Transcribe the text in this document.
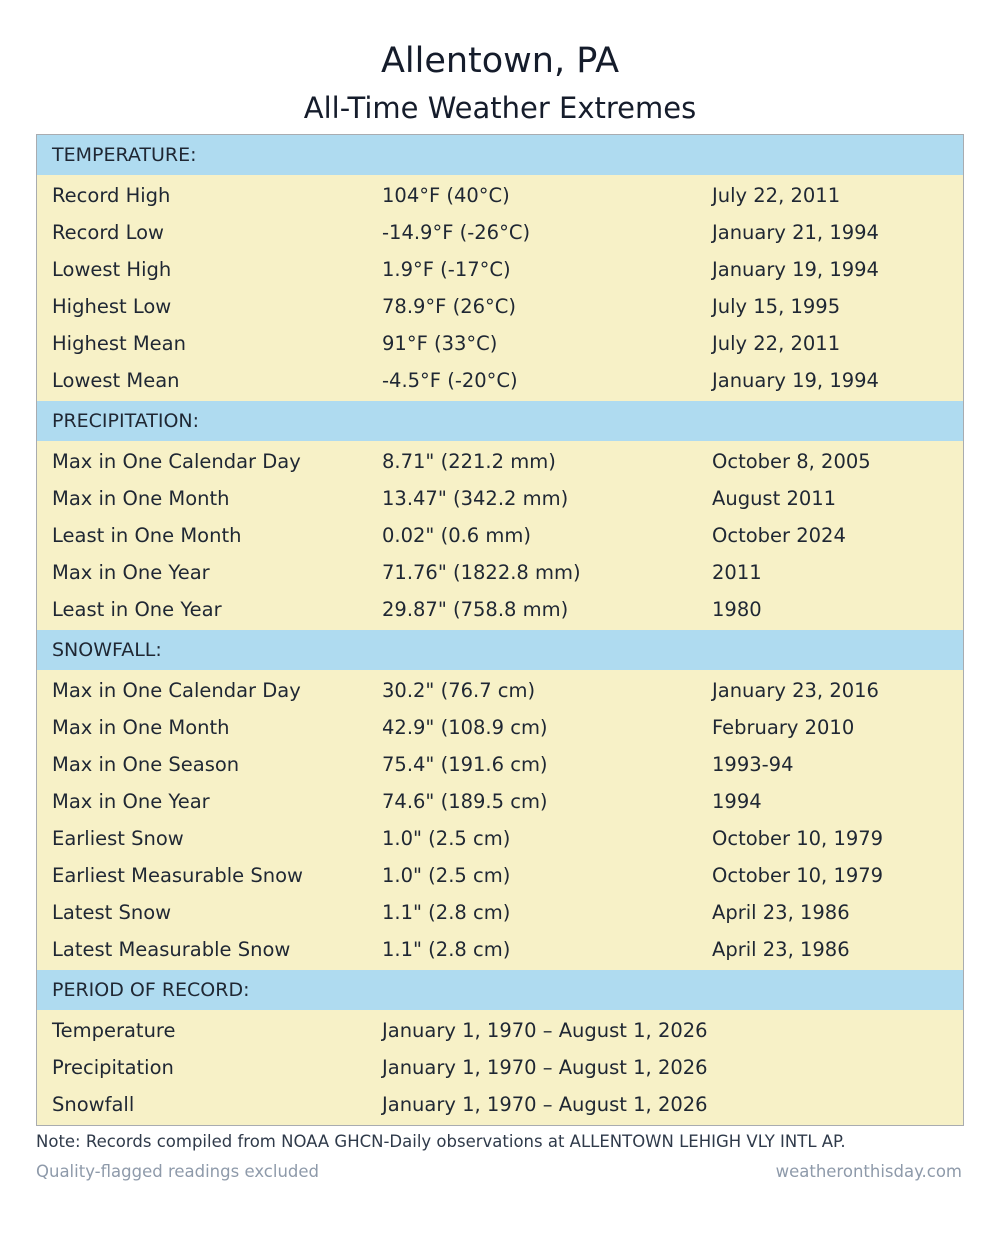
Allentown, PA
All-Time Weather Extremes
TEMPERATURE:
Record High	104°F (40°C)	July 22, 2011
Record Low	-14.9°F (-26°C)	January 21, 1994
Lowest High	1.9°F (-17°C)	January 19, 1994
Highest Low	78.9°F (26°C)	July 15, 1995
Highest Mean	91°F (33°C)	July 22, 2011
Lowest Mean	-4.5°F (-20°C)	January 19, 1994
PRECIPITATION:
Max in One Calendar Day	8.71" (221.2 mm)	October 8, 2005
Max in One Month	13.47" (342.2 mm)	August 2011
Least in One Month	0.02" (0.6 mm)	October 2024
Max in One Year	71.76" (1822.8 mm)	2011
Least in One Year	29.87" (758.8 mm)	1980
SNOWFALL:
Max in One Calendar Day	30.2" (76.7 cm)	January 23, 2016
Max in One Month	42.9" (108.9 cm)	February 2010
Max in One Season	75.4" (191.6 cm)	1993-94
Max in One Year	74.6" (189.5 cm)	1994
Earliest Snow	1.0" (2.5 cm)	October 10, 1979
Earliest Measurable Snow	1.0" (2.5 cm)	October 10, 1979
Latest Snow	1.1" (2.8 cm)	April 23, 1986
Latest Measurable Snow	1.1" (2.8 cm)	April 23, 1986
PERIOD OF RECORD:
Temperature	January 1, 1970 – August 1, 2026
Precipitation	January 1, 1970 – August 1, 2026
Snowfall	January 1, 1970 – August 1, 2026
Note: Records compiled from NOAA GHCN-Daily observations at ALLENTOWN LEHIGH VLY INTL AP.
Quality-flagged readings excluded	weatheronthisday.com
